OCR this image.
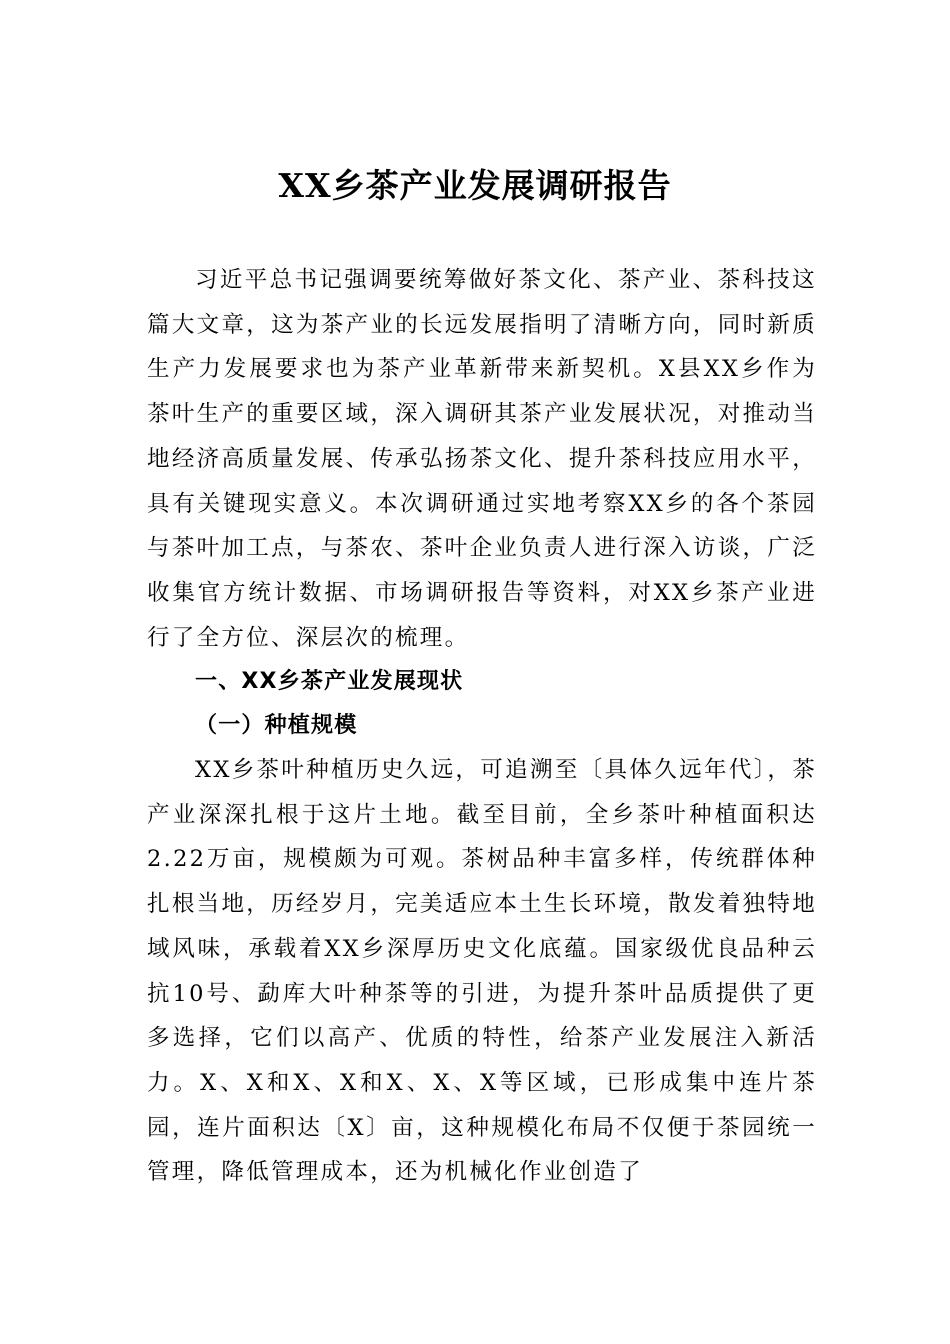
XX乡茶产业发展调研报告

习近平总书记强调要统筹做好茶文化、茶产业、茶科技这篇大文章，这为茶产业的长远发展指明了清晰方向，同时新质生产力发展要求也为茶产业革新带来新契机。X县XX乡作为茶叶生产的重要区域，深入调研其茶产业发展状况，对推动当地经济高质量发展、传承弘扬茶文化、提升茶科技应用水平，具有关键现实意义。本次调研通过实地考察XX乡的各个茶园与茶叶加工点，与茶农、茶叶企业负责人进行深入访谈，广泛收集官方统计数据、市场调研报告等资料，对XX乡茶产业进行了全方位、深层次的梳理。

一、XX乡茶产业发展现状
（一）种植规模

XX乡茶叶种植历史久远，可追溯至〔具体久远年代〕，茶产业深深扎根于这片土地。截至目前，全乡茶叶种植面积达2.22万亩，规模颇为可观。茶树品种丰富多样，传统群体种扎根当地，历经岁月，完美适应本土生长环境，散发着独特地域风味，承载着XX乡深厚历史文化底蕴。国家级优良品种云抗10号、勐库大叶种茶等的引进，为提升茶叶品质提供了更多选择，它们以高产、优质的特性，给茶产业发展注入新活力。X、X和X、X和X、X、X等区域，已形成集中连片茶园，连片面积达〔X〕亩，这种规模化布局不仅便于茶园统一管理，降低管理成本，还为机械化作业创造了
